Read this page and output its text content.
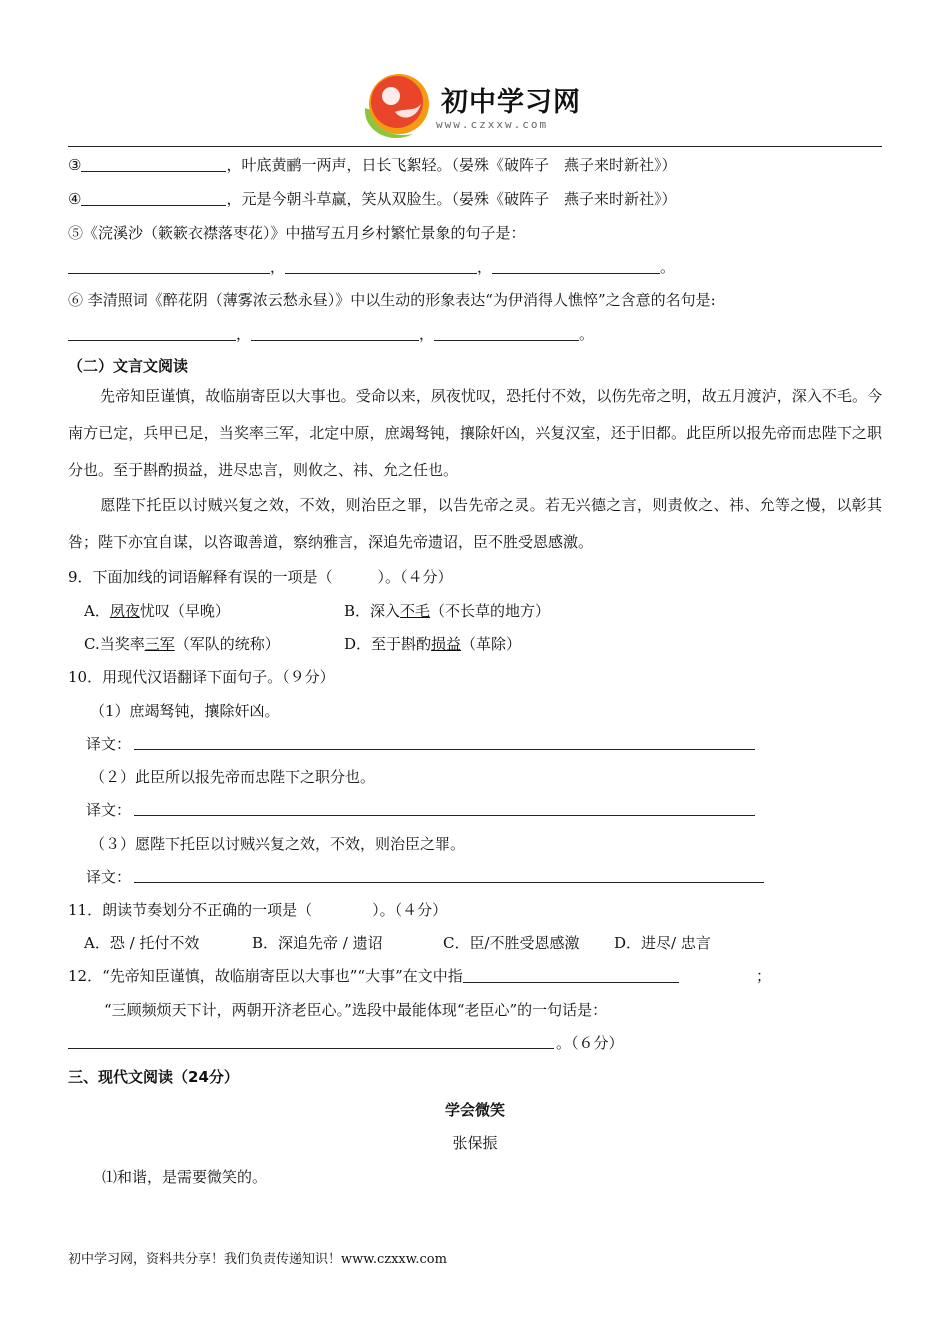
初中学习网
www.czxxw.com
③	，叶底黄鹂一两声，日长飞絮轻。（晏殊《破阵子　燕子来时新社》）
④	，元是今朝斗草赢，笑从双脸生。（晏殊《破阵子　燕子来时新社》）
⑤《浣溪沙（簌簌衣襟落枣花）》中描写五月乡村繁忙景象的句子是：
，	，	。
⑥ 李清照词《醉花阴（薄雾浓云愁永昼）》中以生动的形象表达“为伊消得人憔悴”之含意的名句是:
，	，	。
（二）文言文阅读
先帝知臣谨慎，故临崩寄臣以大事也。受命以来，夙夜忧叹，恐托付不效，以伤先帝之明，故五月渡泸，深入不毛。今南方已定，兵甲已足，当奖率三军，北定中原，庶竭驽钝，攘除奸凶，兴复汉室，还于旧都。此臣所以报先帝而忠陛下之职分也。至于斟酌损益，进尽忠言，则攸之、祎、允之任也。
愿陛下托臣以讨贼兴复之效，不效，则治臣之罪，以告先帝之灵。若无兴德之言，则责攸之、祎、允等之慢，以彰其咎；陛下亦宜自谋，以咨诹善道，察纳雅言，深追先帝遗诏，臣不胜受恩感激。
9．下面加线的词语解释有误的一项是（　　　）。（４分）
A．夙夜忧叹（早晚）	B．深入不毛（不长草的地方）
C.当奖率三军（军队的统称）	D．至于斟酌损益（革除）
10．用现代汉语翻译下面句子。（９分）
（1）庶竭驽钝，攘除奸凶。
译文：
（２）此臣所以报先帝而忠陛下之职分也。
译文：
（３）愿陛下托臣以讨贼兴复之效，不效，则治臣之罪。
译文：
11．朗读节奏划分不正确的一项是（　　　　）。（４分）
A．恐 / 托付不效	B．深追先帝 / 遗诏	C．臣/不胜受恩感激 D．进尽/ 忠言
12．“先帝知臣谨慎，故临崩寄臣以大事也”“大事”在文中指	；
“三顾频烦天下计，两朝开济老臣心。”选段中最能体现“老臣心”的一句话是：
。（６分）
三、现代文阅读（24分）
学会微笑
张保振
⑴和谐，是需要微笑的。
初中学习网，资料共分享！我们负责传递知识！www.czxxw.com
